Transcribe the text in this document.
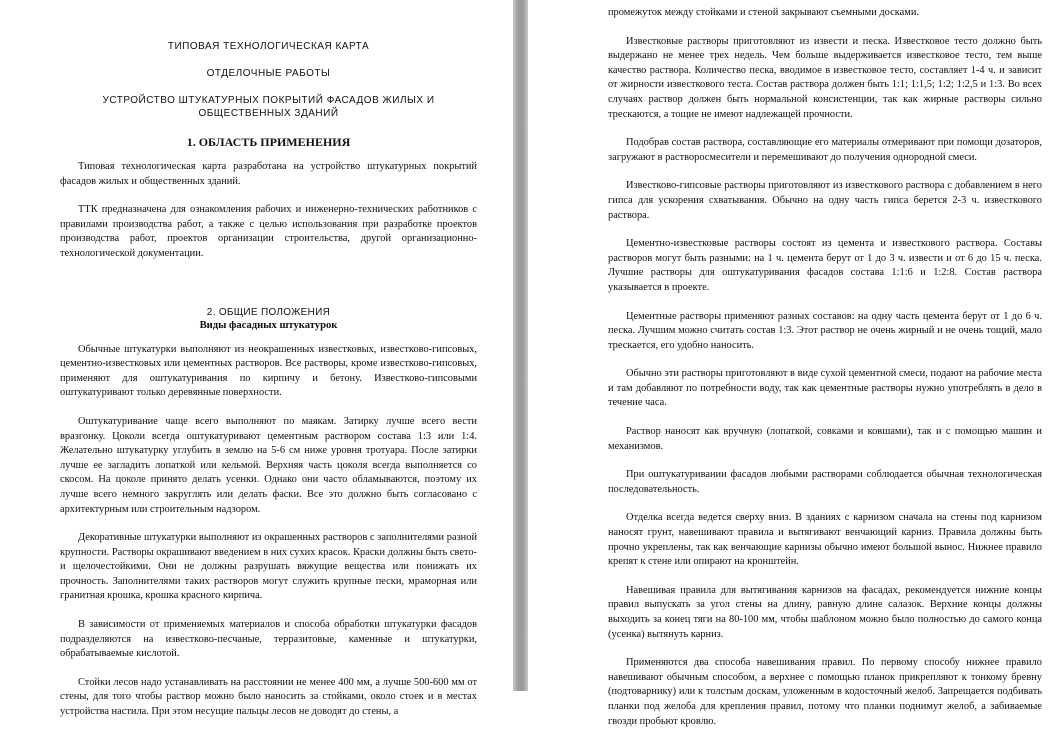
ТИПОВАЯ ТЕХНОЛОГИЧЕСКАЯ КАРТА
ОТДЕЛОЧНЫЕ РАБОТЫ
УСТРОЙСТВО ШТУКАТУРНЫХ ПОКРЫТИЙ ФАСАДОВ ЖИЛЫХ И ОБЩЕСТВЕННЫХ ЗДАНИЙ
1. ОБЛАСТЬ ПРИМЕНЕНИЯ

Типовая технологическая карта разработана на устройство штукатурных покрытий фасадов жилых и общественных зданий.

ТТК предназначена для ознакомления рабочих и инженерно-технических работников с правилами производства работ, а также с целью использования при разработке проектов производства работ, проектов организации строительства, другой организационно-технологической документации.

2. ОБЩИЕ ПОЛОЖЕНИЯ
Виды фасадных штукатурок

Обычные штукатурки выполняют из неокрашенных известковых, известково-гипсовых, цементно-известковых или цементных растворов. Все растворы, кроме известково-гипсовых, применяют для оштукатуривания по кирпичу и бетону. Известково-гипсовыми оштукатуривают только деревянные поверхности.

Оштукатуривание чаще всего выполняют по маякам. Затирку лучше всего вести вразгонку. Цоколи всегда оштукатуривают цементным раствором состава 1:3 или 1:4. Желательно штукатурку углубить в землю на 5-6 см ниже уровня тротуара. После затирки лучше ее загладить лопаткой или кельмой. Верхняя часть цоколя всегда выполняется со скосом. На цоколе принято делать усенки. Однако они часто обламываются, поэтому их лучше всего немного закруглять или делать фаски. Все это должно быть согласовано с архитектурным или строительным надзором.

Декоративные штукатурки выполняют из окрашенных растворов с заполнителями разной крупности. Растворы окрашивают введением в них сухих красок. Краски должны быть свето- и щелочестойкими. Они не должны разрушать вяжущие вещества или понижать их прочность. Заполнителями таких растворов могут служить крупные пески, мраморная или гранитная крошка, крошка красного кирпича.

В зависимости от применяемых материалов и способа обработки штукатурки фасадов подразделяются на известково-песчаные, терразитовые, каменные и штукатурки, обрабатываемые кислотой.

Стойки лесов надо устанавливать на расстоянии не менее 400 мм, а лучше 500-600 мм от стены, для того чтобы раствор можно было наносить за стойками, около стоек и в местах устройства настила. При этом несущие пальцы лесов не доводят до стены, а

промежуток между стойками и стеной закрывают съемными досками.

Известковые растворы приготовляют из извести и песка. Известковое тесто должно быть выдержано не менее трех недель. Чем больше выдерживается известковое тесто, тем выше качество раствора. Количество песка, вводимое в известковое тесто, составляет 1-4 ч. и зависит от жирности известкового теста. Состав раствора должен быть 1:1; 1:1,5; 1:2; 1:2,5 и 1:3. Во всех случаях раствор должен быть нормальной консистенции, так как жирные растворы сильно трескаются, а тощие не имеют надлежащей прочности.

Подобрав состав раствора, составляющие его материалы отмеривают при помощи дозаторов, загружают в растворосмесители и перемешивают до получения однородной смеси.

Известково-гипсовые растворы приготовляют из известкового раствора с добавлением в него гипса для ускорения схватывания. Обычно на одну часть гипса берется 2-3 ч. известкового раствора.

Цементно-известковые растворы состоят из цемента и известкового раствора. Составы растворов могут быть разными: на 1 ч. цемента берут от 1 до 3 ч. извести и от 6 до 15 ч. песка. Лучшие растворы для оштукатуривания фасадов состава 1:1:6 и 1:2:8. Состав раствора указывается в проекте.

Цементные растворы применяют разных составов: на одну часть цемента берут от 1 до 6 ч. песка. Лучшим можно считать состав 1:3. Этот раствор не очень жирный и не очень тощий, мало трескается, его удобно наносить.

Обычно эти растворы приготовляют в виде сухой цементной смеси, подают на рабочие места и там добавляют по потребности воду, так как цементные растворы нужно употреблять в дело в течение часа.

Раствор наносят как вручную (лопаткой, совками и ковшами), так и с помощью машин и механизмов.

При оштукатуривании фасадов любыми растворами соблюдается обычная технологическая последовательность.

Отделка всегда ведется сверху вниз. В зданиях с карнизом сначала на стены под карнизом наносят грунт, навешивают правила и вытягивают венчающий карниз. Правила должны быть прочно укреплены, так как венчающие карнизы обычно имеют большой вынос. Нижнее правило крепят к стене или опирают на кронштейн.

Навешивая правила для вытягивания карнизов на фасадах, рекомендуется нижние концы правил выпускать за угол стены на длину, равную длине салазок. Верхние концы должны выходить за конец тяги на 80-100 мм, чтобы шаблоном можно было полностью до самого конца (усенка) вытянуть карниз.

Применяются два способа навешивания правил. По первому способу нижнее правило навешивают обычным способом, а верхнее с помощью планок прикрепляют к тонкому бревну (подтоварнику) или к толстым доскам, уложенным в кодосточный желоб. Запрещается подбивать планки под желоба для крепления правил, потому что планки поднимут желоб, а забиваемые гвозди пробьют кровлю.
